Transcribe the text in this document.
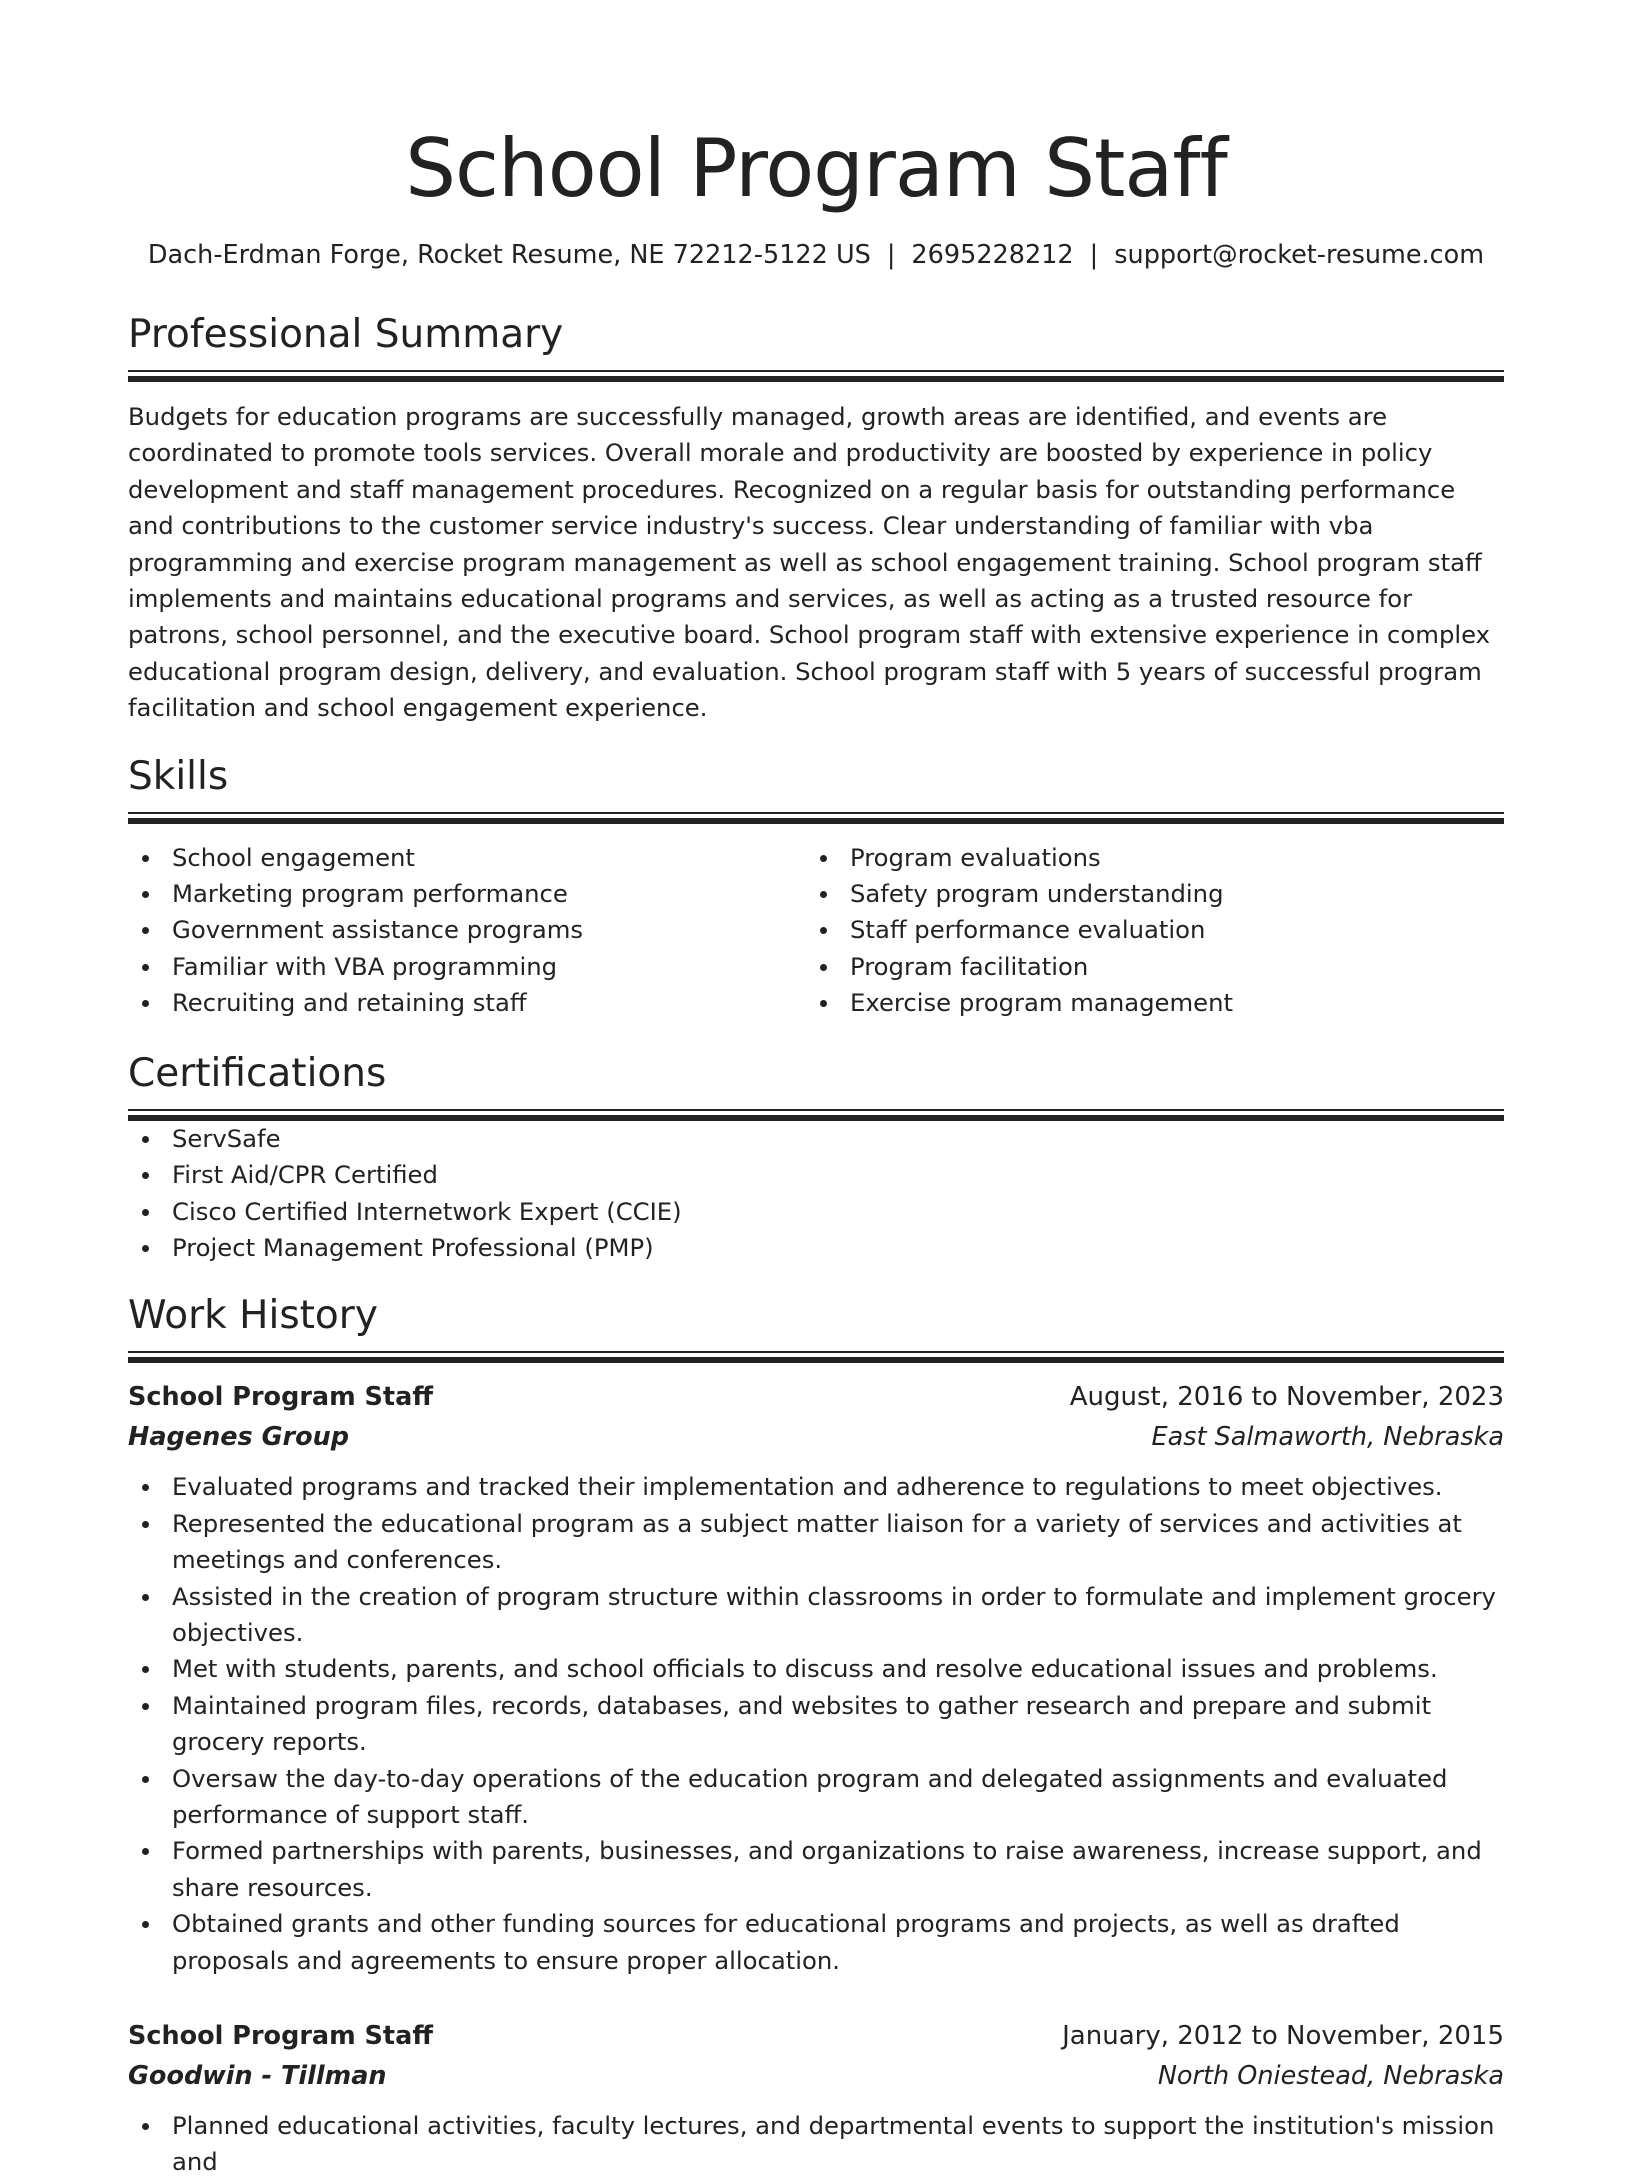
School Program Staff
Dach-Erdman Forge, Rocket Resume, NE 72212-5122 US | 2695228212 | support@rocket-resume.com
Professional Summary

Budgets for education programs are successfully managed, growth areas are identified, and events are coordinated to promote tools services. Overall morale and productivity are boosted by experience in policy development and staff management procedures. Recognized on a regular basis for outstanding performance and contributions to the customer service industry's success. Clear understanding of familiar with vba programming and exercise program management as well as school engagement training. School program staff implements and maintains educational programs and services, as well as acting as a trusted resource for patrons, school personnel, and the executive board. School program staff with extensive experience in complex educational program design, delivery, and evaluation. School program staff with 5 years of successful program facilitation and school engagement experience.

Skills
School engagement
Marketing program performance
Government assistance programs
Familiar with VBA programming
Recruiting and retaining staff
Program evaluations
Safety program understanding
Staff performance evaluation
Program facilitation
Exercise program management
Certifications
ServSafe
First Aid/CPR Certified
Cisco Certified Internetwork Expert (CCIE)
Project Management Professional (PMP)
Work History
School Program Staff	August, 2016 to November, 2023
Hagenes Group	East Salmaworth, Nebraska
Evaluated programs and tracked their implementation and adherence to regulations to meet objectives.
Represented the educational program as a subject matter liaison for a variety of services and activities at meetings and conferences.
Assisted in the creation of program structure within classrooms in order to formulate and implement grocery objectives.
Met with students, parents, and school officials to discuss and resolve educational issues and problems.
Maintained program files, records, databases, and websites to gather research and prepare and submit grocery reports.
Oversaw the day-to-day operations of the education program and delegated assignments and evaluated performance of support staff.
Formed partnerships with parents, businesses, and organizations to raise awareness, increase support, and share resources.
Obtained grants and other funding sources for educational programs and projects, as well as drafted proposals and agreements to ensure proper allocation.
School Program Staff	January, 2012 to November, 2015
Goodwin - Tillman	North Oniestead, Nebraska
Planned educational activities, faculty lectures, and departmental events to support the institution's mission and
